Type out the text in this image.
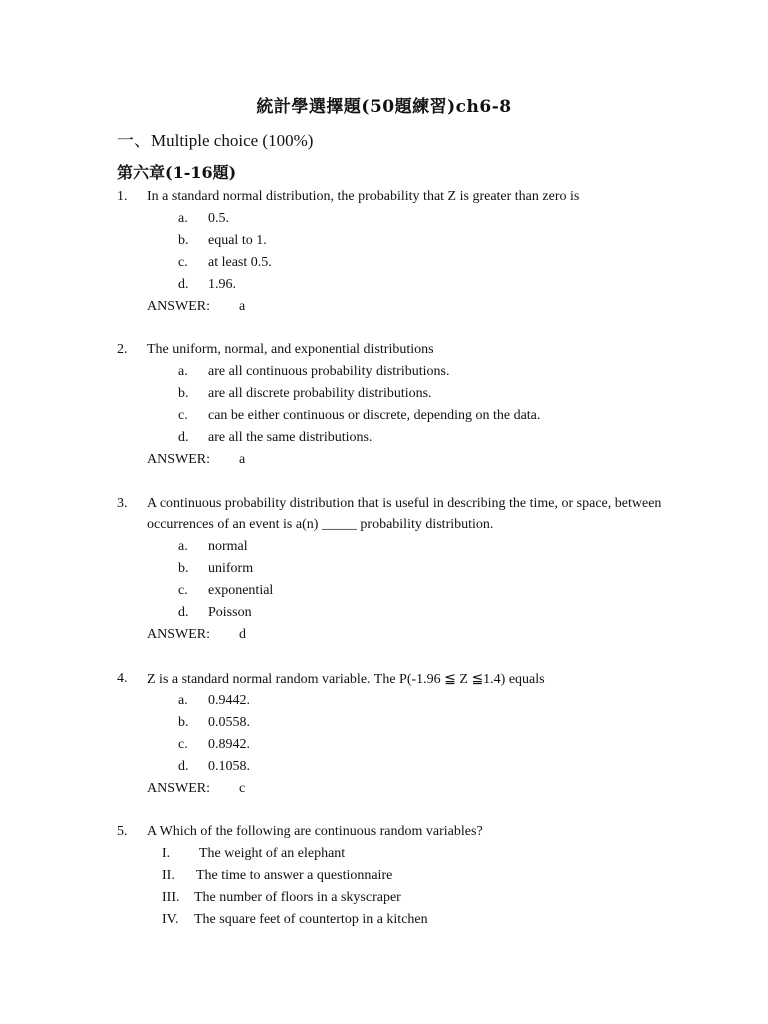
統計學選擇題(50題練習)ch6-8
一、Multiple choice (100%)
第六章(1-16題)
1. In a standard normal distribution, the probability that Z is greater than zero is
a. 0.5.
b. equal to 1.
c. at least 0.5.
d. 1.96.
ANSWER: a
2. The uniform, normal, and exponential distributions
a. are all continuous probability distributions.
b. are all discrete probability distributions.
c. can be either continuous or discrete, depending on the data.
d. are all the same distributions.
ANSWER: a
3. A continuous probability distribution that is useful in describing the time, or space, between
occurrences of an event is a(n) _____ probability distribution.
a. normal
b. uniform
c. exponential
d. Poisson
ANSWER: d
4. Z is a standard normal random variable. The P(-1.96 ≦ Z ≦1.4) equals
a. 0.9442.
b. 0.0558.
c. 0.8942.
d. 0.1058.
ANSWER: c
5. A Which of the following are continuous random variables?
I. The weight of an elephant
II. The time to answer a questionnaire
III. The number of floors in a skyscraper
IV. The square feet of countertop in a kitchen
